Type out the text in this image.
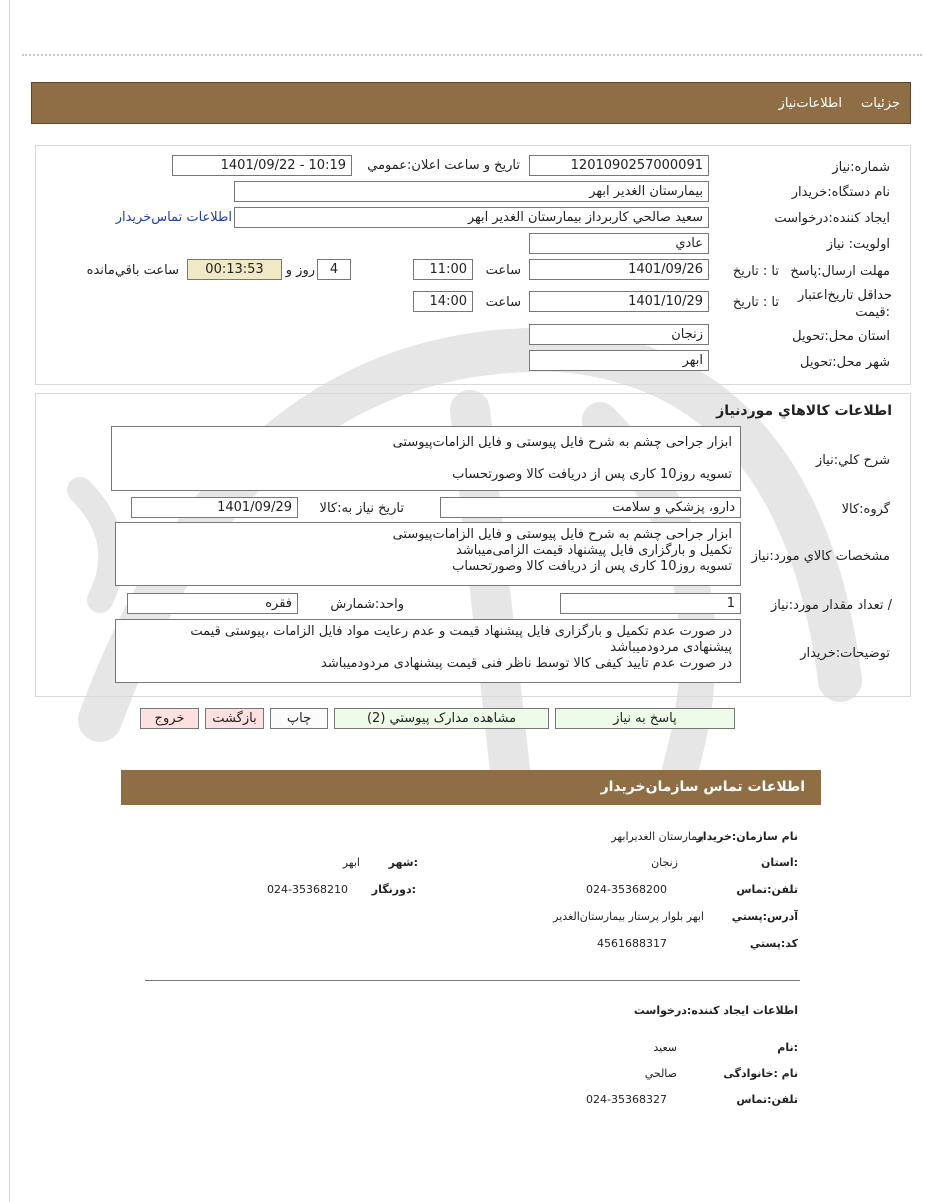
جزئيات
اطلاعات‌نياز
شماره:نياز
1201090257000091
تاريخ و ساعت اعلان:عمومي
1401/09/22 - 10:19
نام دستگاه:خريدار
بيمارستان الغدير ابهر
ايجاد کننده:درخواست
سعيد صالحي كاربرداز بيمارستان الغدير ابهر
اطلاعات تماس‌خريدار
اولويت: نياز
عادي
مهلت ارسال:پاسخ
تا : تاريخ
1401/09/26
ساعت
11:00
4
روز و
00:13:53
ساعت باقي‌مانده
حداقل تاريخ‌اعتبار
:قيمت
تا : تاريخ
1401/10/29
ساعت
14:00
استان محل:تحويل
زنجان
شهر محل:تحويل
ابهر
اطلاعات کالاهاي موردنياز
شرح کلي:نياز
ابزار جراحی چشم به شرح فایل پیوستی و فایل الزامات‌پیوستی
تسویه روز10 کاری پس از دریافت کالا وصورتحساب
گروه:کالا
دارو، پزشكي و سلامت
تاريخ نياز به:کالا
1401/09/29
مشخصات کالاي مورد:نياز
ابزار جراحی چشم به شرح فایل پیوستی و فایل الزامات‌پیوستی
تکمیل و بارگزاری فایل پیشنهاد قیمت الزامی‌میباشد
تسویه روز10 کاری پس از دریافت کالا وصورتحساب
/ تعداد مقدار مورد:نياز
1
واحد:شمارش
فقره
توضيحات:خريدار
در صورت عدم تکمیل و بارگزاری فایل پیشنهاد قیمت و عدم رعایت مواد فایل الزامات ،پیوستی قیمت
پیشنهادی مردودمیباشد
در صورت عدم تایید کیفی کالا توسط ناظر فنی قیمت پیشنهادی مردودمیباشد
پاسخ به نياز
مشاهده مدارک پيوستي (2)
چاپ
بازگشت
خروج
اطلاعات تماس سازمان‌خريدار
نام سازمان:خريدار
بيمارستان الغديرابهر
:استان
زنجان
:شهر
ابهر
تلفن:تماس
024-35368200
:دورنگار
024-35368210
آدرس:پستي
ابهر بلوار پرستار بيمارستان‌الغدير
کد:پستي
4561688317
اطلاعات ايجاد کننده:درخواست
:نام
سعيد
نام :خانوادگی
صالحي
تلفن:تماس
024-35368327
